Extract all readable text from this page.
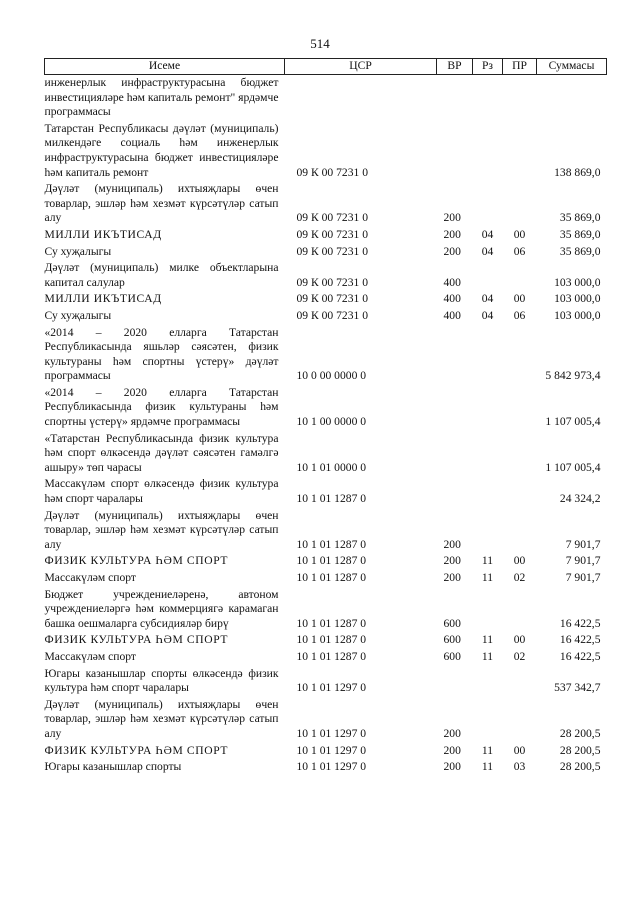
514
Исеме	ЦСР	ВР	Рз	ПР	Суммасы
инженерлык инфраструктурасына бюджет инвестицияләре һәм капиталь ремонт" ярдәмче программасы					
Татарстан Республикасы дәүләт (муниципаль) милкендәге социаль һәм инженерлык инфраструктурасына бюджет инвестицияләре һәм капиталь ремонт	09 К 00 7231 0				138 869,0
Дәүләт (муниципаль) ихтыяҗлары өчен товарлар, эшләр һәм хезмәт күрсәтүләр сатып алу	09 К 00 7231 0	200			35 869,0
МИЛЛИ ИКЪТИСАД	09 К 00 7231 0	200	04	00	35 869,0
Су хуҗалыгы	09 К 00 7231 0	200	04	06	35 869,0
Дәүләт (муниципаль) милке объектларына капитал салулар	09 К 00 7231 0	400			103 000,0
МИЛЛИ ИКЪТИСАД	09 К 00 7231 0	400	04	00	103 000,0
Су хуҗалыгы	09 К 00 7231 0	400	04	06	103 000,0
«2014 – 2020 елларга Татарстан Республикасында яшьләр сәясәтен, физик культураны һәм спортны үстерү» дәүләт программасы	10 0 00 0000 0				5 842 973,4
«2014 – 2020 елларга Татарстан Республикасында физик культураны һәм спортны үстерү» ярдәмче программасы	10 1 00 0000 0				1 107 005,4
«Татарстан Республикасында физик культура һәм спорт өлкәсендә дәүләт сәясәтен гамәлгә ашыру» төп чарасы	10 1 01 0000 0				1 107 005,4
Массакүләм спорт өлкәсендә физик культура һәм спорт чаралары	10 1 01 1287 0				24 324,2
Дәүләт (муниципаль) ихтыяҗлары өчен товарлар, эшләр һәм хезмәт күрсәтүләр сатып алу	10 1 01 1287 0	200			7 901,7
ФИЗИК КУЛЬТУРА ҺӘМ СПОРТ	10 1 01 1287 0	200	11	00	7 901,7
Массакүләм спорт	10 1 01 1287 0	200	11	02	7 901,7
Бюджет учреждениеләренә, автоном учреждениеләргә һәм коммерциягә карамаган башка оешмаларга субсидияләр бирү	10 1 01 1287 0	600			16 422,5
ФИЗИК КУЛЬТУРА ҺӘМ СПОРТ	10 1 01 1287 0	600	11	00	16 422,5
Массакүләм спорт	10 1 01 1287 0	600	11	02	16 422,5
Югары казанышлар спорты өлкәсендә физик культура һәм спорт чаралары	10 1 01 1297 0				537 342,7
Дәүләт (муниципаль) ихтыяҗлары өчен товарлар, эшләр һәм хезмәт күрсәтүләр сатып алу	10 1 01 1297 0	200			28 200,5
ФИЗИК КУЛЬТУРА ҺӘМ СПОРТ	10 1 01 1297 0	200	11	00	28 200,5
Югары казанышлар спорты	10 1 01 1297 0	200	11	03	28 200,5
